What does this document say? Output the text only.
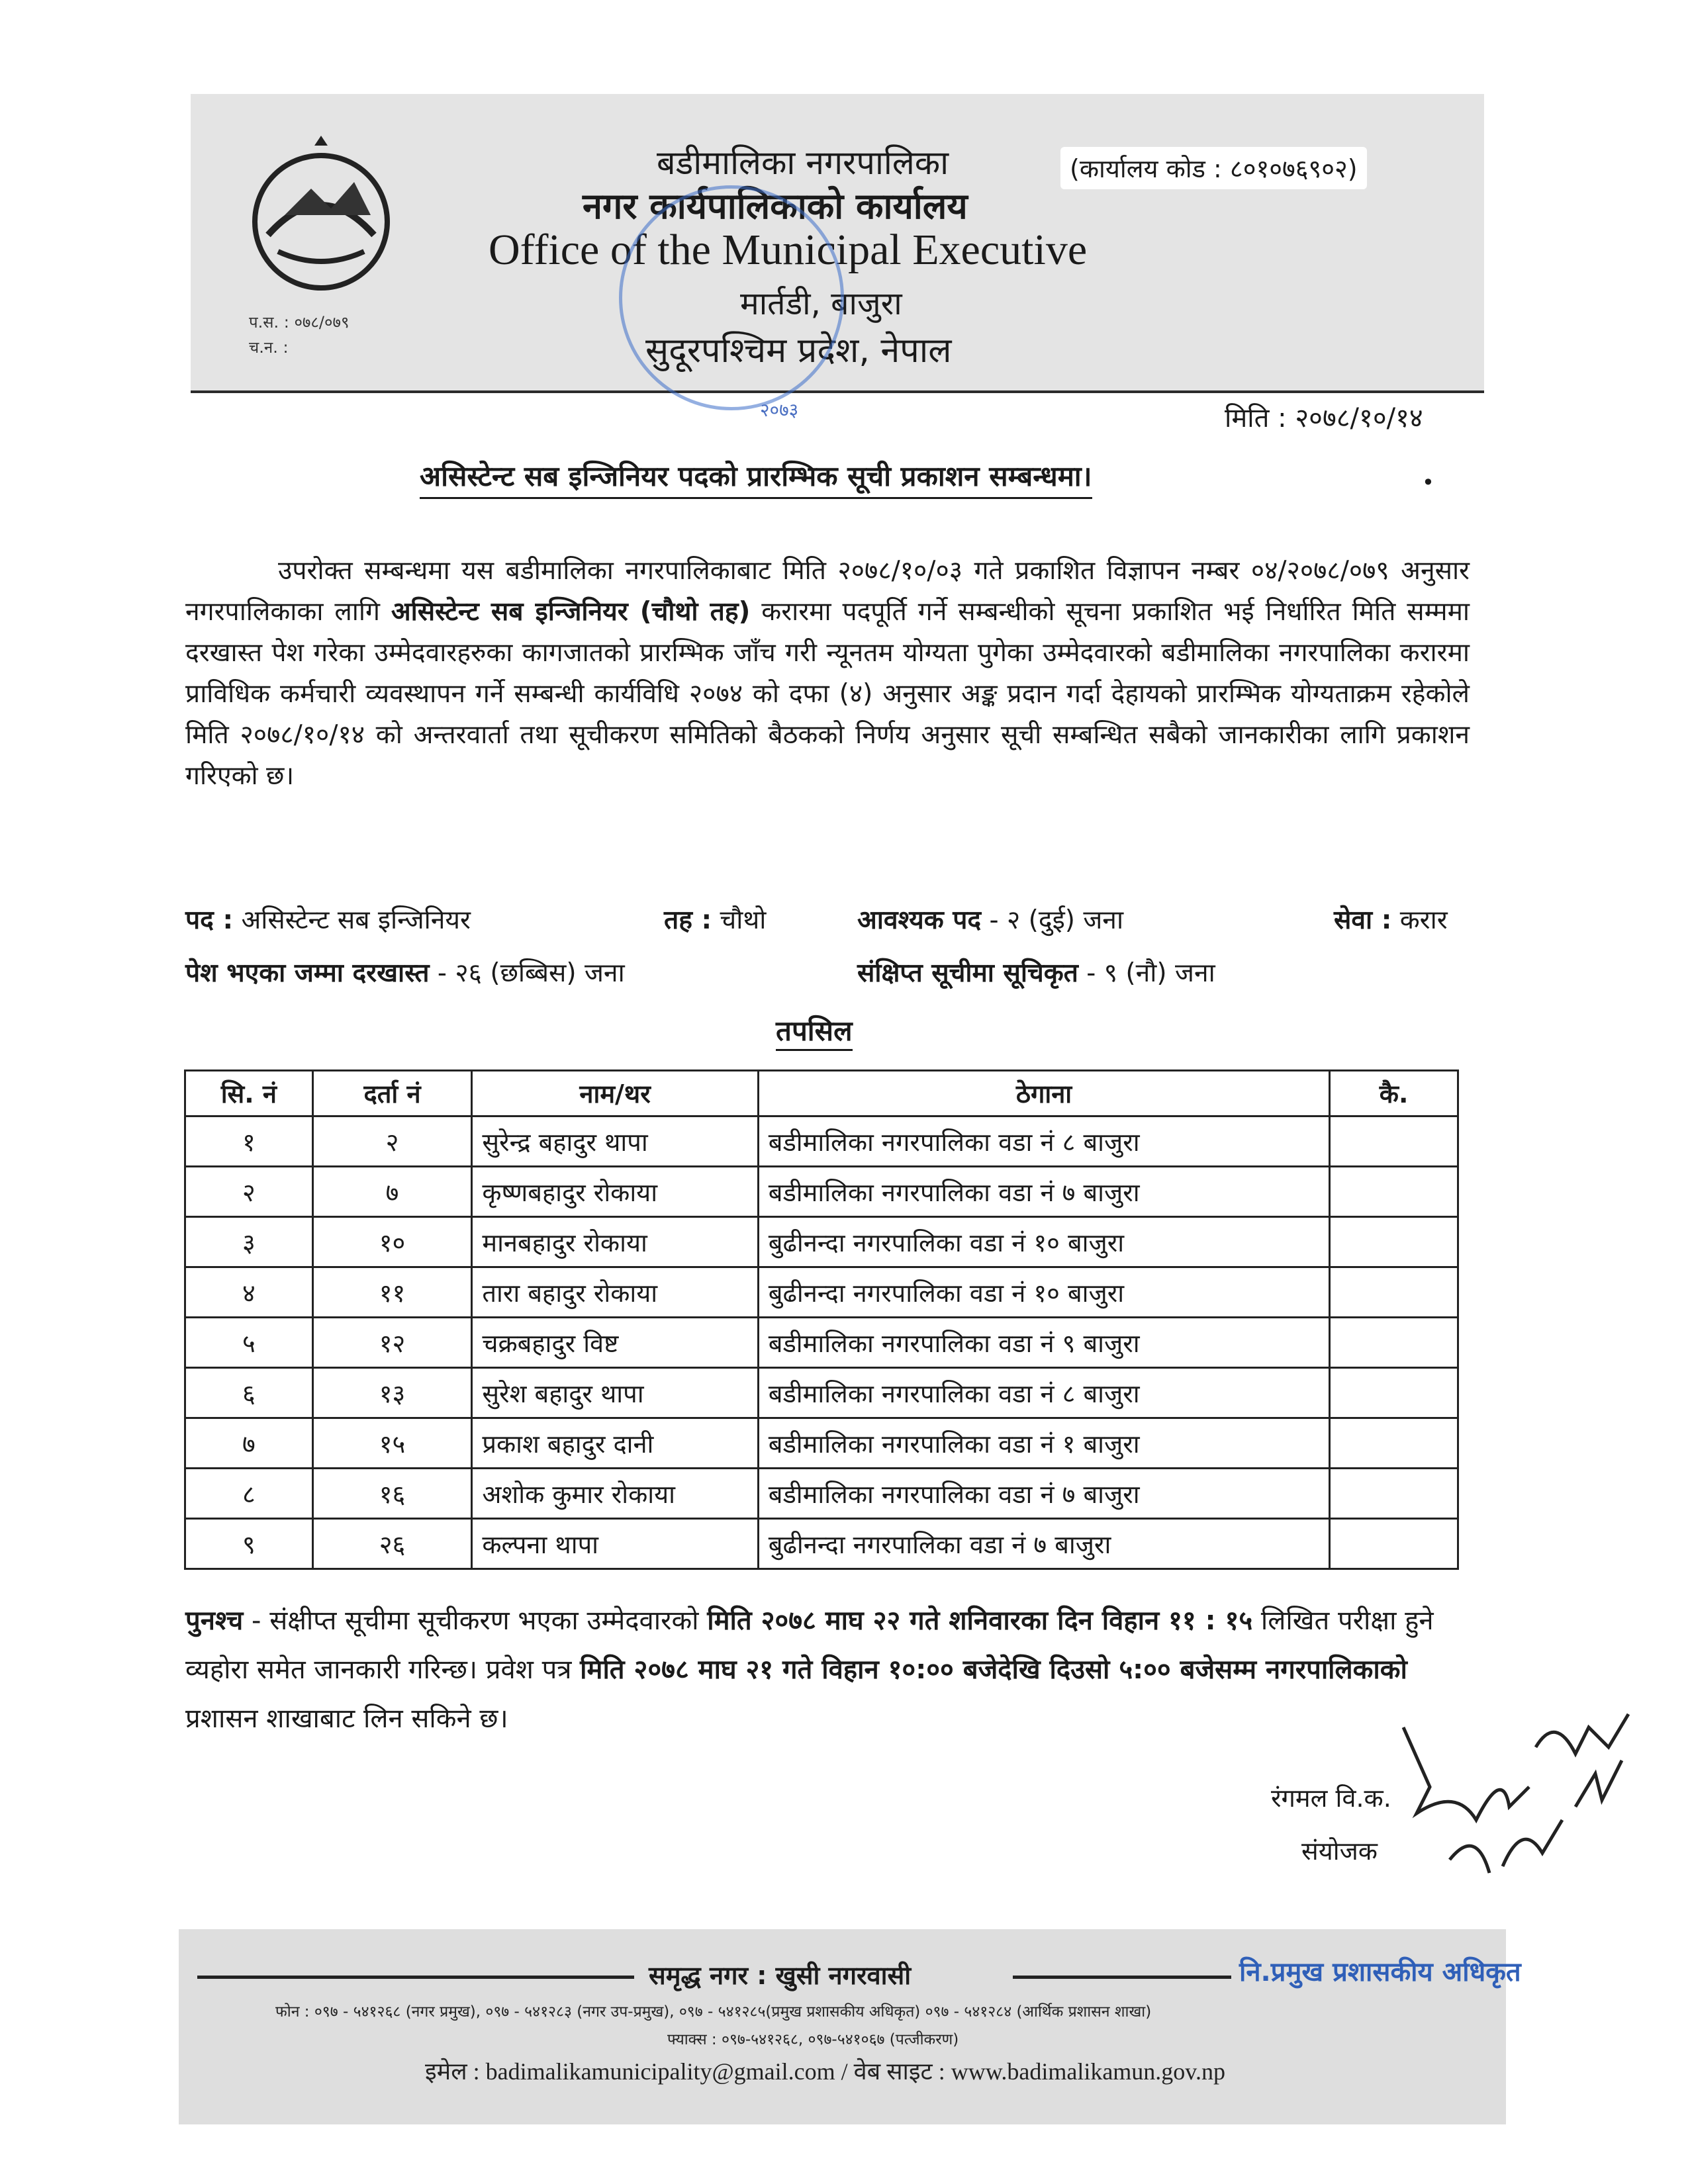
बडीमालिका नगरपालिका
नगर कार्यपालिकाको कार्यालय
Office of the Municipal Executive
मार्तडी, बाजुरा
सुदूरपश्चिम प्रदेश, नेपाल
(कार्यालय कोड : ८०१०७६९०२)
प.स. : ०७८/०७९
च.न. :
२०७३	मिति : २०७८/१०/१४
असिस्टेन्ट सब इन्जिनियर पदको प्रारम्भिक सूची प्रकाशन सम्बन्धमा।	•
उपरोक्त सम्बन्धमा यस बडीमालिका नगरपालिकाबाट मिति २०७८/१०/०३ गते प्रकाशित विज्ञापन नम्बर ०४/२०७८/०७९ अनुसार नगरपालिकाका लागि असिस्टेन्ट सब इन्जिनियर (चौथो तह) करारमा पदपूर्ति गर्ने सम्बन्धीको सूचना प्रकाशित भई निर्धारित मिति सम्ममा दरखास्त पेश गरेका उम्मेदवारहरुका कागजातको प्रारम्भिक जाँच गरी न्यूनतम योग्यता पुगेका उम्मेदवारको बडीमालिका नगरपालिका करारमा प्राविधिक कर्मचारी व्यवस्थापन गर्ने सम्बन्धी कार्यविधि २०७४ को दफा (४) अनुसार अङ्क प्रदान गर्दा देहायको प्रारम्भिक योग्यताक्रम रहेकोले मिति २०७८/१०/१४ को अन्तरवार्ता तथा सूचीकरण समितिको बैठकको निर्णय अनुसार सूची सम्बन्धित सबैको जानकारीका लागि प्रकाशन गरिएको छ।
पद : असिस्टेन्ट सब इन्जिनियर	तह : चौथो	आवश्यक पद - २ (दुई) जना	सेवा : करार
पेश भएका जम्मा दरखास्त - २६ (छब्बिस) जना	संक्षिप्त सूचीमा सूचिकृत - ९ (नौ) जना
तपसिल
सि. नं	दर्ता नं	नाम/थर	ठेगाना	कै.
१	२	सुरेन्द्र बहादुर थापा	बडीमालिका नगरपालिका वडा नं ८ बाजुरा	
२	७	कृष्णबहादुर रोकाया	बडीमालिका नगरपालिका वडा नं ७ बाजुरा	
३	१०	मानबहादुर रोकाया	बुढीनन्दा नगरपालिका वडा नं १० बाजुरा	
४	११	तारा बहादुर रोकाया	बुढीनन्दा नगरपालिका वडा नं १० बाजुरा	
५	१२	चक्रबहादुर विष्ट	बडीमालिका नगरपालिका वडा नं ९ बाजुरा	
६	१३	सुरेश बहादुर थापा	बडीमालिका नगरपालिका वडा नं ८ बाजुरा	
७	१५	प्रकाश बहादुर दानी	बडीमालिका नगरपालिका वडा नं १ बाजुरा	
८	१६	अशोक कुमार रोकाया	बडीमालिका नगरपालिका वडा नं ७ बाजुरा	
९	२६	कल्पना थापा	बुढीनन्दा नगरपालिका वडा नं ७ बाजुरा	
पुनश्च - संक्षीप्त सूचीमा सूचीकरण भएका उम्मेदवारको मिति २०७८ माघ २२ गते शनिवारका दिन विहान ११ : १५ लिखित परीक्षा हुने व्यहोरा समेत जानकारी गरिन्छ। प्रवेश पत्र मिति २०७८ माघ २१ गते विहान १०:०० बजेदेखि दिउसो ५:०० बजेसम्म नगरपालिकाको प्रशासन शाखाबाट लिन सकिने छ।
रंगमल वि.क.
संयोजक
समृद्ध नगर : खुसी नगरवासी	नि.प्रमुख प्रशासकीय अधिकृत
फोन : ०९७ - ५४१२६८ (नगर प्रमुख), ०९७ - ५४१२८३ (नगर उप-प्रमुख), ०९७ - ५४१२८५(प्रमुख प्रशासकीय अधिकृत) ०९७ - ५४१२८४ (आर्थिक प्रशासन शाखा)
फ्याक्स : ०९७-५४१२६८, ०९७-५४१०६७ (पत्जीकरण)
इमेल : badimalikamunicipality@gmail.com / वेब साइट : www.badimalikamun.gov.np
